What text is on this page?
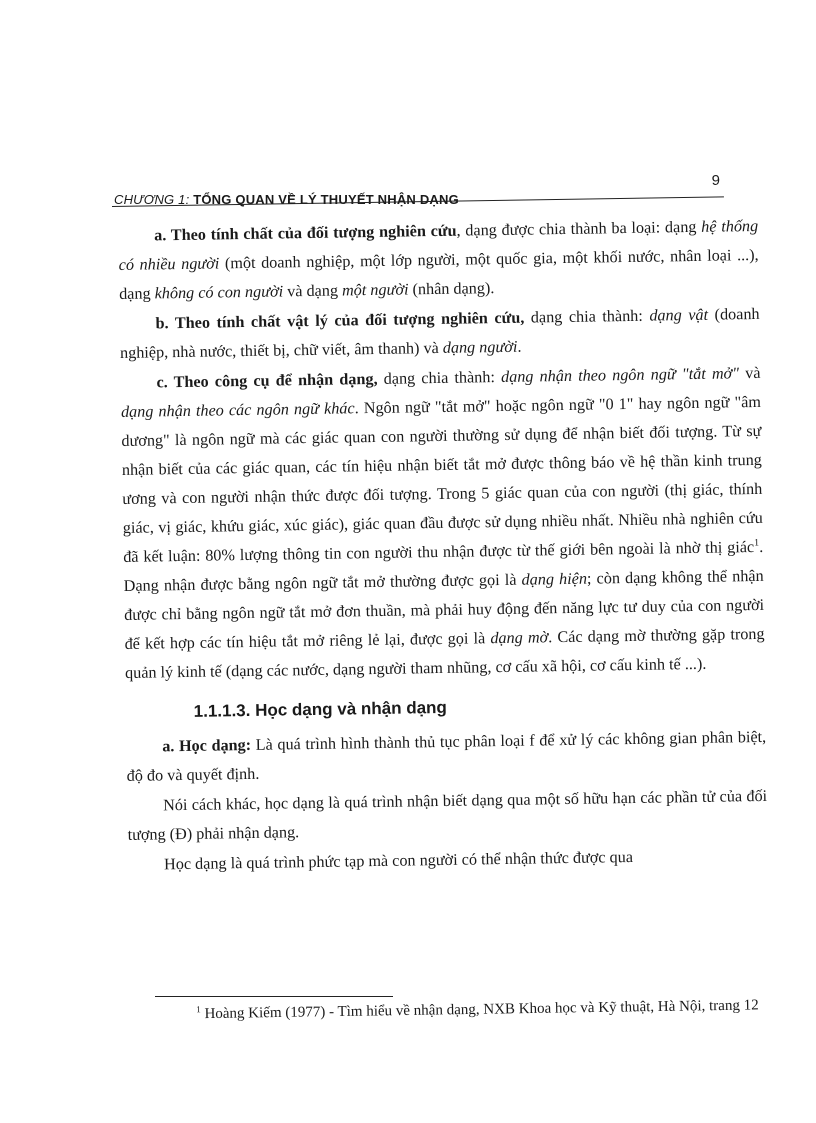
9
CHƯƠNG 1: TỔNG QUAN VỀ LÝ THUYẾT NHẬN DẠNG

a. Theo tính chất của đối tượng nghiên cứu, dạng được chia thành ba loại: dạng hệ thống có nhiều người (một doanh nghiệp, một lớp người, một quốc gia, một khối nước, nhân loại ...), dạng không có con người và dạng một người (nhân dạng).

b. Theo tính chất vật lý của đối tượng nghiên cứu, dạng chia thành: dạng vật (doanh nghiệp, nhà nước, thiết bị, chữ viết, âm thanh) và dạng người.

c. Theo công cụ để nhận dạng, dạng chia thành: dạng nhận theo ngôn ngữ "tắt mở" và dạng nhận theo các ngôn ngữ khác. Ngôn ngữ "tắt mở" hoặc ngôn ngữ "0 1" hay ngôn ngữ "âm dương" là ngôn ngữ mà các giác quan con người thường sử dụng để nhận biết đối tượng. Từ sự nhận biết của các giác quan, các tín hiệu nhận biết tắt mở được thông báo về hệ thần kinh trung ương và con người nhận thức được đối tượng. Trong 5 giác quan của con người (thị giác, thính giác, vị giác, khứu giác, xúc giác), giác quan đầu được sử dụng nhiều nhất. Nhiều nhà nghiên cứu đã kết luận: 80% lượng thông tin con người thu nhận được từ thế giới bên ngoài là nhờ thị giác$^1$. Dạng nhận được bằng ngôn ngữ tắt mở thường được gọi là dạng hiện; còn dạng không thể nhận được chỉ bằng ngôn ngữ tắt mở đơn thuần, mà phải huy động đến năng lực tư duy của con người để kết hợp các tín hiệu tắt mở riêng lẻ lại, được gọi là dạng mờ. Các dạng mờ thường gặp trong quản lý kinh tế (dạng các nước, dạng người tham nhũng, cơ cấu xã hội, cơ cấu kinh tế ...).

1.1.1.3. Học dạng và nhận dạng

a. Học dạng: Là quá trình hình thành thủ tục phân loại f để xử lý các không gian phân biệt, độ đo và quyết định.

Nói cách khác, học dạng là quá trình nhận biết dạng qua một số hữu hạn các phần tử của đối tượng (Đ) phải nhận dạng.

Học dạng là quá trình phức tạp mà con người có thể nhận thức được qua

$^1$ Hoàng Kiếm (1977) - Tìm hiểu về nhận dạng, NXB Khoa học và Kỹ thuật, Hà Nội, trang 12
